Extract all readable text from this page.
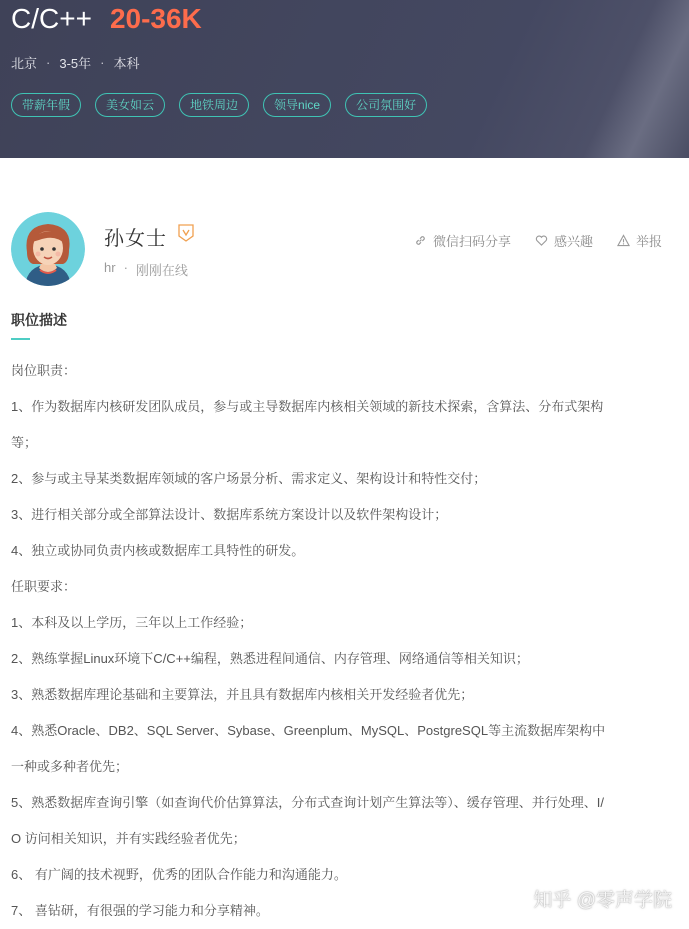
C/C++ 20-36K
北京 · 3-5年 · 本科
带薪年假	美女如云	地铁周边	领导nice	公司氛围好
孙女士
hr · 刚刚在线
微信扫码分享	感兴趣	举报
职位描述
岗位职责：
1、作为数据库内核研发团队成员，参与或主导数据库内核相关领域的新技术探索，含算法、分布式架构
等；
2、参与或主导某类数据库领域的客户场景分析、需求定义、架构设计和特性交付；
3、进行相关部分或全部算法设计、数据库系统方案设计以及软件架构设计；
4、独立或协同负责内核或数据库工具特性的研发。
任职要求：
1、本科及以上学历，三年以上工作经验；
2、熟练掌握Linux环境下C/C++编程，熟悉进程间通信、内存管理、网络通信等相关知识；
3、熟悉数据库理论基础和主要算法，并且具有数据库内核相关开发经验者优先；
4、熟悉Oracle、DB2、SQL Server、Sybase、Greenplum、MySQL、PostgreSQL等主流数据库架构中
一种或多种者优先；
5、熟悉数据库查询引擎（如查询代价估算算法，分布式查询计划产生算法等）、缓存管理、并行处理、I/
O 访问相关知识，并有实践经验者优先；
6、 有广阔的技术视野，优秀的团队合作能力和沟通能力。
7、 喜钻研，有很强的学习能力和分享精神。	知乎 @零声学院
